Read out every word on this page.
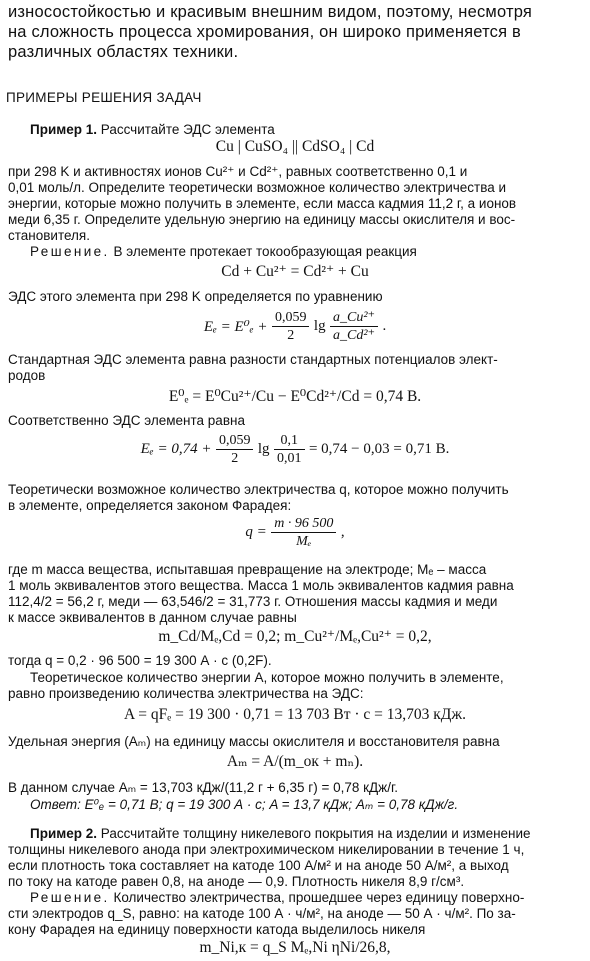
износостойкостью и красивым внешним видом, поэтому, несмотря
на сложность процесса хромирования, он широко применяется в
различных областях техники.
ПРИМЕРЫ РЕШЕНИЯ ЗАДАЧ
Пример 1. Рассчитайте ЭДС элемента
Cu | CuSO₄ || CdSO₄ | Cd
при 298 K и активностях ионов Cu²⁺ и Cd²⁺, равных соответственно 0,1 и
0,01 моль/л. Определите теоретически возможное количество электричества и
энергии, которые можно получить в элементе, если масса кадмия 11,2 г, а ионов
меди 6,35 г. Определите удельную энергию на единицу массы окислителя и вос-
становителя.
Решение. В элементе протекает токообразующая реакция
Cd + Cu²⁺ = Cd²⁺ + Cu
ЭДС этого элемента при 298 K определяется по уравнению
$E_e = E^0_e + \frac{0,059}{2}$ $\lg \frac{\text{a\_Cu²⁺}}{\text{a\_Cd²⁺}}$ .
Стандартная ЭДС элемента равна разности стандартных потенциалов элект-
родов
E⁰ₑ = E⁰Cu²⁺/Cu − E⁰Cd²⁺/Cd = 0,74 В.
Соответственно ЭДС элемента равна
$E_e = 0,74 + \frac{0,059}{2}$ $\lg \frac{0,1}{0,01} = 0,74 - 0,03 = 0,71$ В.
Теоретически возможное количество электричества q, которое можно получить
в элементе, определяется законом Фарадея:
$q = \frac{m \cdot 96 500}{\text{Mₑ}}$ ,
где m масса вещества, испытавшая превращение на электроде; Mₑ – масса
1 моль эквивалентов этого вещества. Масса 1 моль эквивалентов кадмия равна
112,4/2 = 56,2 г, меди — 63,546/2 = 31,773 г. Отношения массы кадмия и меди
к массе эквивалентов в данном случае равны
m_Cd/Mₑ,Cd = 0,2; m_Cu²⁺/Mₑ,Cu²⁺ = 0,2,
тогда q = 0,2 · 96 500 = 19 300 А · с (0,2F).
Теоретическое количество энергии A, которое можно получить в элементе,
равно произведению количества электричества на ЭДС:
A = qFₑ = 19 300 · 0,71 = 13 703 Вт · с = 13,703 кДж.
Удельная энергия (Aₘ) на единицу массы окислителя и восстановителя равна
Aₘ = A/(m_ок + mₙ).
В данном случае Aₘ = 13,703 кДж/(11,2 г + 6,35 г) = 0,78 кДж/г.
Ответ: E⁰ₑ = 0,71 В; q = 19 300 А · с; A = 13,7 кДж; Aₘ = 0,78 кДж/г.
Пример 2. Рассчитайте толщину никелевого покрытия на изделии и изменение
толщины никелевого анода при электрохимическом никелировании в течение 1 ч,
если плотность тока составляет на катоде 100 А/м² и на аноде 50 А/м², а выход
по току на катоде равен 0,8, на аноде — 0,9. Плотность никеля 8,9 г/см³.
Решение. Количество электричества, прошедшее через единицу поверхно-
сти электродов q_S, равно: на катоде 100 А · ч/м², на аноде — 50 А · ч/м². По за-
кону Фарадея на единицу поверхности катода выделилось никеля
m_Ni,к = q_S Mₑ,Ni ηNi/26,8,
